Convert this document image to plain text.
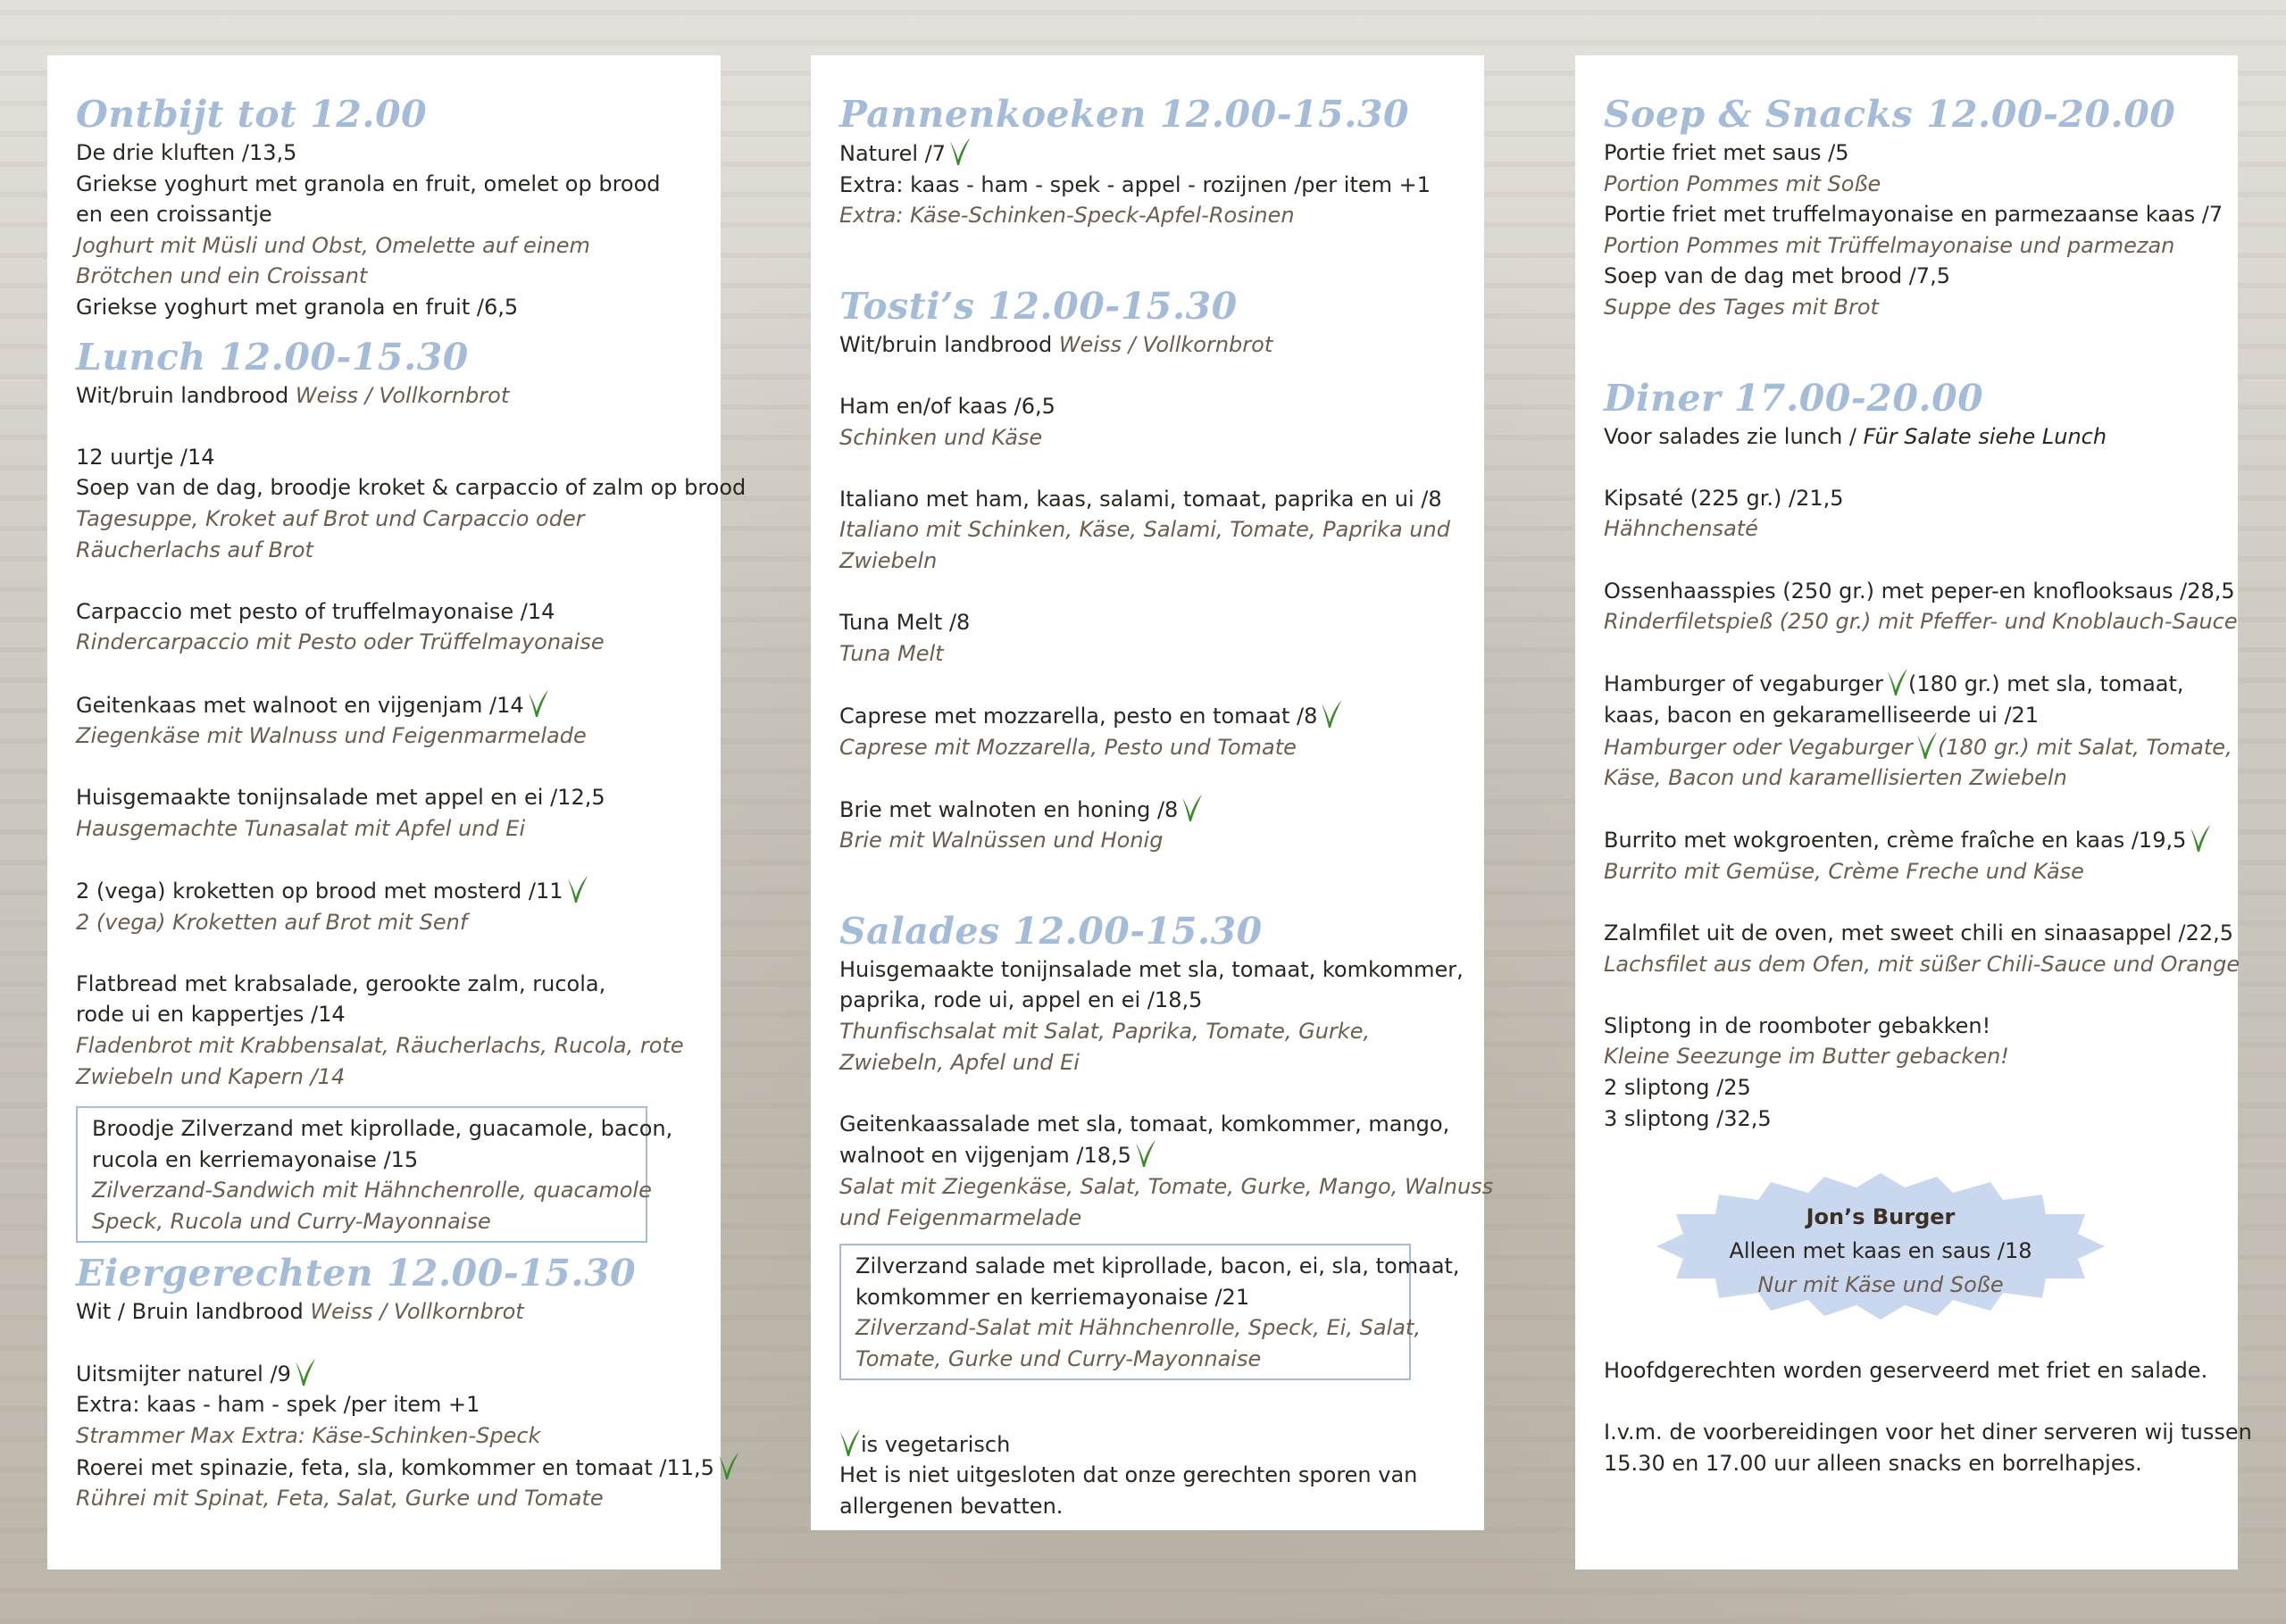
Ontbijt tot 12.00

De drie kluften /13,5

Griekse yoghurt met granola en fruit, omelet op brood

en een croissantje

Joghurt mit Müsli und Obst, Omelette auf einem

Brötchen und ein Croissant

Griekse yoghurt met granola en fruit /6,5

Lunch 12.00-15.30

Wit/bruin landbrood Weiss / Vollkornbrot

12 uurtje /14

Soep van de dag, broodje kroket & carpaccio of zalm op brood

Tagesuppe, Kroket auf Brot und Carpaccio oder

Räucherlachs auf Brot

Carpaccio met pesto of truffelmayonaise /14

Rindercarpaccio mit Pesto oder Trüffelmayonaise

Geitenkaas met walnoot en vijgenjam /14

Ziegenkäse mit Walnuss und Feigenmarmelade

Huisgemaakte tonijnsalade met appel en ei /12,5

Hausgemachte Tunasalat mit Apfel und Ei

2 (vega) kroketten op brood met mosterd /11

2 (vega) Kroketten auf Brot mit Senf

Flatbread met krabsalade, gerookte zalm, rucola,

rode ui en kappertjes /14

Fladenbrot mit Krabbensalat, Räucherlachs, Rucola, rote

Zwiebeln und Kapern /14

Broodje Zilverzand met kiprollade, guacamole, bacon,

rucola en kerriemayonaise /15

Zilverzand-Sandwich mit Hähnchenrolle, quacamole

Speck, Rucola und Curry-Mayonnaise

Eiergerechten 12.00-15.30

Wit / Bruin landbrood Weiss / Vollkornbrot

Uitsmijter naturel /9

Extra: kaas - ham - spek /per item +1

Strammer Max Extra: Käse-Schinken-Speck

Roerei met spinazie, feta, sla, komkommer en tomaat /11,5

Rührei mit Spinat, Feta, Salat, Gurke und Tomate

Pannenkoeken 12.00-15.30

Naturel /7

Extra: kaas - ham - spek - appel - rozijnen /per item +1

Extra: Käse-Schinken-Speck-Apfel-Rosinen

Tosti’s 12.00-15.30

Wit/bruin landbrood Weiss / Vollkornbrot

Ham en/of kaas /6,5

Schinken und Käse

Italiano met ham, kaas, salami, tomaat, paprika en ui /8

Italiano mit Schinken, Käse, Salami, Tomate, Paprika und

Zwiebeln

Tuna Melt /8

Tuna Melt

Caprese met mozzarella, pesto en tomaat /8

Caprese mit Mozzarella, Pesto und Tomate

Brie met walnoten en honing /8

Brie mit Walnüssen und Honig

Salades 12.00-15.30

Huisgemaakte tonijnsalade met sla, tomaat, komkommer,

paprika, rode ui, appel en ei /18,5

Thunfischsalat mit Salat, Paprika, Tomate, Gurke,

Zwiebeln, Apfel und Ei

Geitenkaassalade met sla, tomaat, komkommer, mango,

walnoot en vijgenjam /18,5

Salat mit Ziegenkäse, Salat, Tomate, Gurke, Mango, Walnuss

und Feigenmarmelade

Zilverzand salade met kiprollade, bacon, ei, sla, tomaat,

komkommer en kerriemayonaise /21

Zilverzand-Salat mit Hähnchenrolle, Speck, Ei, Salat,

Tomate, Gurke und Curry-Mayonnaise

is vegetarisch

Het is niet uitgesloten dat onze gerechten sporen van

allergenen bevatten.

Soep & Snacks 12.00-20.00

Portie friet met saus /5

Portion Pommes mit Soße

Portie friet met truffelmayonaise en parmezaanse kaas /7

Portion Pommes mit Trüffelmayonaise und parmezan

Soep van de dag met brood /7,5

Suppe des Tages mit Brot

Diner 17.00-20.00

Voor salades zie lunch / Für Salate siehe Lunch

Kipsaté (225 gr.) /21,5

Hähnchensaté

Ossenhaasspies (250 gr.) met peper-en knoflooksaus /28,5

Rinderfiletspieß (250 gr.) mit Pfeffer- und Knoblauch-Sauce

Hamburger of vegaburger (180 gr.) met sla, tomaat,

kaas, bacon en gekaramelliseerde ui /21

Hamburger oder Vegaburger (180 gr.) mit Salat, Tomate,

Käse, Bacon und karamellisierten Zwiebeln

Burrito met wokgroenten, crème fraîche en kaas /19,5

Burrito mit Gemüse, Crème Freche und Käse

Zalmfilet uit de oven, met sweet chili en sinaasappel /22,5

Lachsfilet aus dem Ofen, mit süßer Chili-Sauce und Orange

Sliptong in de roomboter gebakken!

Kleine Seezunge im Butter gebacken!

2 sliptong /25

3 sliptong /32,5

Jon’s Burger
Alleen met kaas en saus /18
Nur mit Käse und Soße

Hoofdgerechten worden geserveerd met friet en salade.

I.v.m. de voorbereidingen voor het diner serveren wij tussen

15.30 en 17.00 uur alleen snacks en borrelhapjes.
